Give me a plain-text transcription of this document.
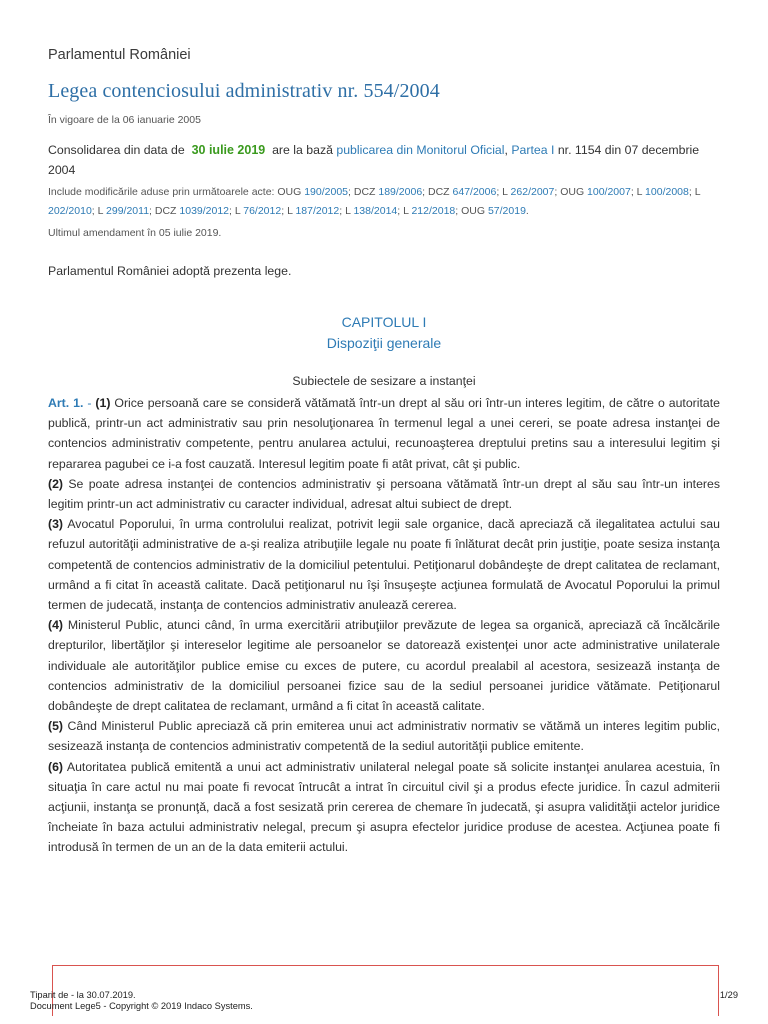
Parlamentul României
Legea contenciosului administrativ nr. 554/2004
În vigoare de la 06 ianuarie 2005
Consolidarea din data de 30 iulie 2019 are la bază publicarea din Monitorul Oficial, Partea I nr. 1154 din 07 decembrie 2004
Include modificările aduse prin următoarele acte: OUG 190/2005; DCZ 189/2006; DCZ 647/2006; L 262/2007; OUG 100/2007; L 100/2008; L 202/2010; L 299/2011; DCZ 1039/2012; L 76/2012; L 187/2012; L 138/2014; L 212/2018; OUG 57/2019.
Ultimul amendament în 05 iulie 2019.
Parlamentul României adoptă prezenta lege.
CAPITOLUL I
Dispoziţii generale
Subiectele de sesizare a instanţei

Art. 1. - (1) Orice persoană care se consideră vătămată într-un drept al său ori într-un interes legitim, de către o autoritate publică, printr-un act administrativ sau prin nesoluţionarea în termenul legal a unei cereri, se poate adresa instanţei de contencios administrativ competente, pentru anularea actului, recunoaşterea dreptului pretins sau a interesului legitim şi repararea pagubei ce i-a fost cauzată. Interesul legitim poate fi atât privat, cât şi public.

(2) Se poate adresa instanţei de contencios administrativ şi persoana vătămată într-un drept al său sau într-un interes legitim printr-un act administrativ cu caracter individual, adresat altui subiect de drept.

(3) Avocatul Poporului, în urma controlului realizat, potrivit legii sale organice, dacă apreciază că ilegalitatea actului sau refuzul autorităţii administrative de a-şi realiza atribuţiile legale nu poate fi înlăturat decât prin justiţie, poate sesiza instanţa competentă de contencios administrativ de la domiciliul petentului. Petiţionarul dobândeşte de drept calitatea de reclamant, urmând a fi citat în această calitate. Dacă petiţionarul nu îşi însuşeşte acţiunea formulată de Avocatul Poporului la primul termen de judecată, instanţa de contencios administrativ anulează cererea.

(4) Ministerul Public, atunci când, în urma exercitării atribuţiilor prevăzute de legea sa organică, apreciază că încălcările drepturilor, libertăţilor şi intereselor legitime ale persoanelor se datorează existenţei unor acte administrative unilaterale individuale ale autorităţilor publice emise cu exces de putere, cu acordul prealabil al acestora, sesizează instanţa de contencios administrativ de la domiciliul persoanei fizice sau de la sediul persoanei juridice vătămate. Petiţionarul dobândeşte de drept calitatea de reclamant, urmând a fi citat în această calitate.

(5) Când Ministerul Public apreciază că prin emiterea unui act administrativ normativ se vătămă un interes legitim public, sesizează instanţa de contencios administrativ competentă de la sediul autorităţii publice emitente.

(6) Autoritatea publică emitentă a unui act administrativ unilateral nelegal poate să solicite instanţei anularea acestuia, în situaţia în care actul nu mai poate fi revocat întrucât a intrat în circuitul civil şi a produs efecte juridice. În cazul admiterii acţiunii, instanţa se pronunţă, dacă a fost sesizată prin cererea de chemare în judecată, şi asupra validităţii actelor juridice încheiate în baza actului administrativ nelegal, precum şi asupra efectelor juridice produse de acestea. Acţiunea poate fi introdusă în termen de un an de la data emiterii actului.

Tiparit de - la 30.07.2019.
Document Lege5 - Copyright © 2019 Indaco Systems.
1/29
